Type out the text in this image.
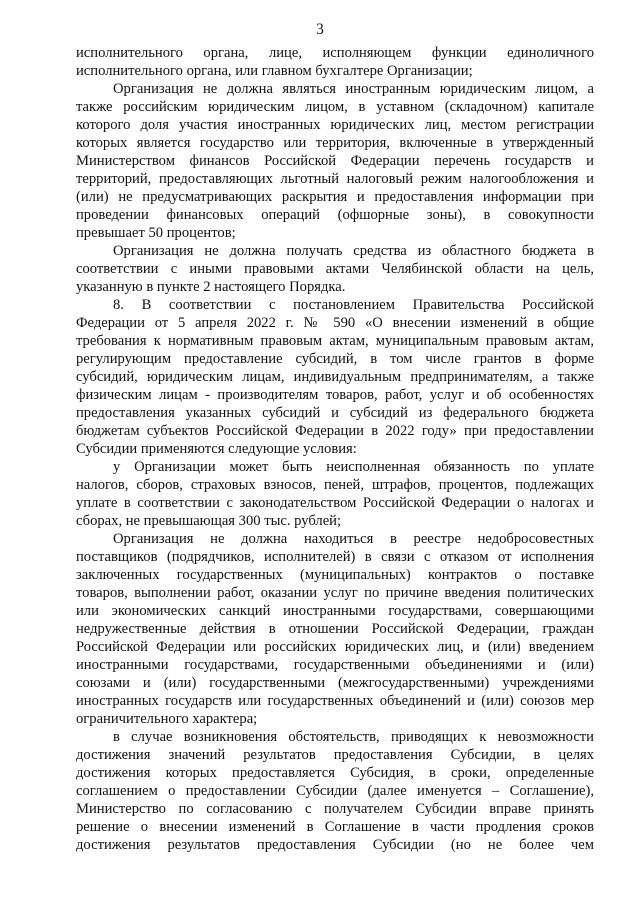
3
исполнительного органа, лице, исполняющем функции единоличного
исполнительного органа, или главном бухгалтере Организации;
Организация не должна являться иностранным юридическим лицом, а
также российским юридическим лицом, в уставном (складочном) капитале
которого доля участия иностранных юридических лиц, местом регистрации
которых является государство или территория, включенные в утвержденный
Министерством финансов Российской Федерации перечень государств и
территорий, предоставляющих льготный налоговый режим налогообложения и
(или) не предусматривающих раскрытия и предоставления информации при
проведении финансовых операций (офшорные зоны), в совокупности
превышает 50 процентов;
Организация не должна получать средства из областного бюджета в
соответствии с иными правовыми актами Челябинской области на цель,
указанную в пункте 2 настоящего Порядка.
8. В соответствии с постановлением Правительства Российской
Федерации от 5 апреля 2022 г. № 590 «О внесении изменений в общие
требования к нормативным правовым актам, муниципальным правовым актам,
регулирующим предоставление субсидий, в том числе грантов в форме
субсидий, юридическим лицам, индивидуальным предпринимателям, а также
физическим лицам - производителям товаров, работ, услуг и об особенностях
предоставления указанных субсидий и субсидий из федерального бюджета
бюджетам субъектов Российской Федерации в 2022 году» при предоставлении
Субсидии применяются следующие условия:
у Организации может быть неисполненная обязанность по уплате
налогов, сборов, страховых взносов, пеней, штрафов, процентов, подлежащих
уплате в соответствии с законодательством Российской Федерации о налогах и
сборах, не превышающая 300 тыс. рублей;
Организация не должна находиться в реестре недобросовестных
поставщиков (подрядчиков, исполнителей) в связи с отказом от исполнения
заключенных государственных (муниципальных) контрактов о поставке
товаров, выполнении работ, оказании услуг по причине введения политических
или экономических санкций иностранными государствами, совершающими
недружественные действия в отношении Российской Федерации, граждан
Российской Федерации или российских юридических лиц, и (или) введением
иностранными государствами, государственными объединениями и (или)
союзами и (или) государственными (межгосударственными) учреждениями
иностранных государств или государственных объединений и (или) союзов мер
ограничительного характера;
в случае возникновения обстоятельств, приводящих к невозможности
достижения значений результатов предоставления Субсидии, в целях
достижения которых предоставляется Субсидия, в сроки, определенные
соглашением о предоставлении Субсидии (далее именуется – Соглашение),
Министерство по согласованию с получателем Субсидии вправе принять
решение о внесении изменений в Соглашение в части продления сроков
достижения результатов предоставления Субсидии (но не более чем
